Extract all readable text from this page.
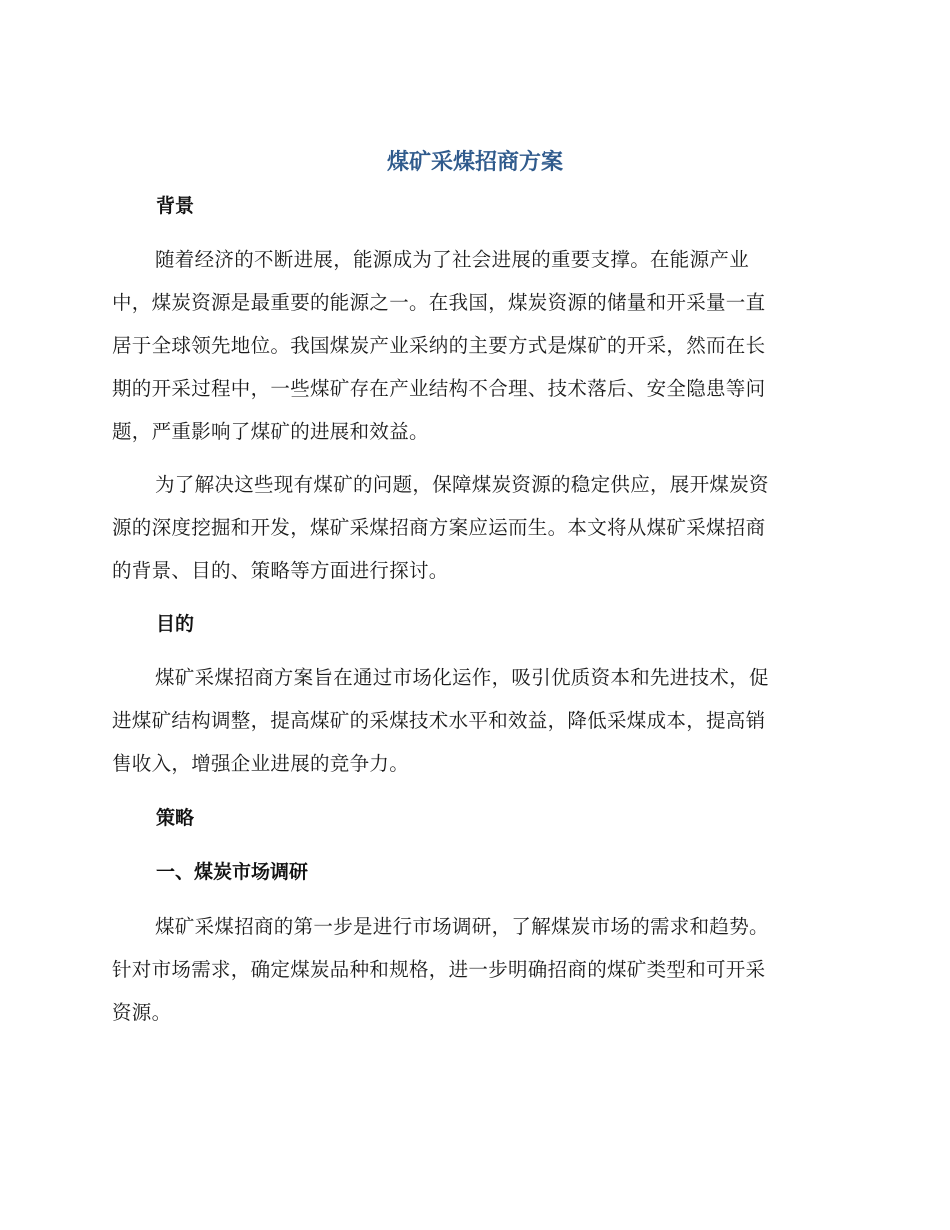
煤矿采煤招商方案
背景

随着经济的不断进展，能源成为了社会进展的重要支撑。在能源产业
中，煤炭资源是最重要的能源之一。在我国，煤炭资源的储量和开采量一直
居于全球领先地位。我国煤炭产业采纳的主要方式是煤矿的开采，然而在长
期的开采过程中，一些煤矿存在产业结构不合理、技术落后、安全隐患等问
题，严重影响了煤矿的进展和效益。

为了解决这些现有煤矿的问题，保障煤炭资源的稳定供应，展开煤炭资
源的深度挖掘和开发，煤矿采煤招商方案应运而生。本文将从煤矿采煤招商
的背景、目的、策略等方面进行探讨。

目的

煤矿采煤招商方案旨在通过市场化运作，吸引优质资本和先进技术，促
进煤矿结构调整，提高煤矿的采煤技术水平和效益，降低采煤成本，提高销
售收入，增强企业进展的竞争力。

策略
一、煤炭市场调研

煤矿采煤招商的第一步是进行市场调研，了解煤炭市场的需求和趋势。
针对市场需求，确定煤炭品种和规格，进一步明确招商的煤矿类型和可开采
资源。
